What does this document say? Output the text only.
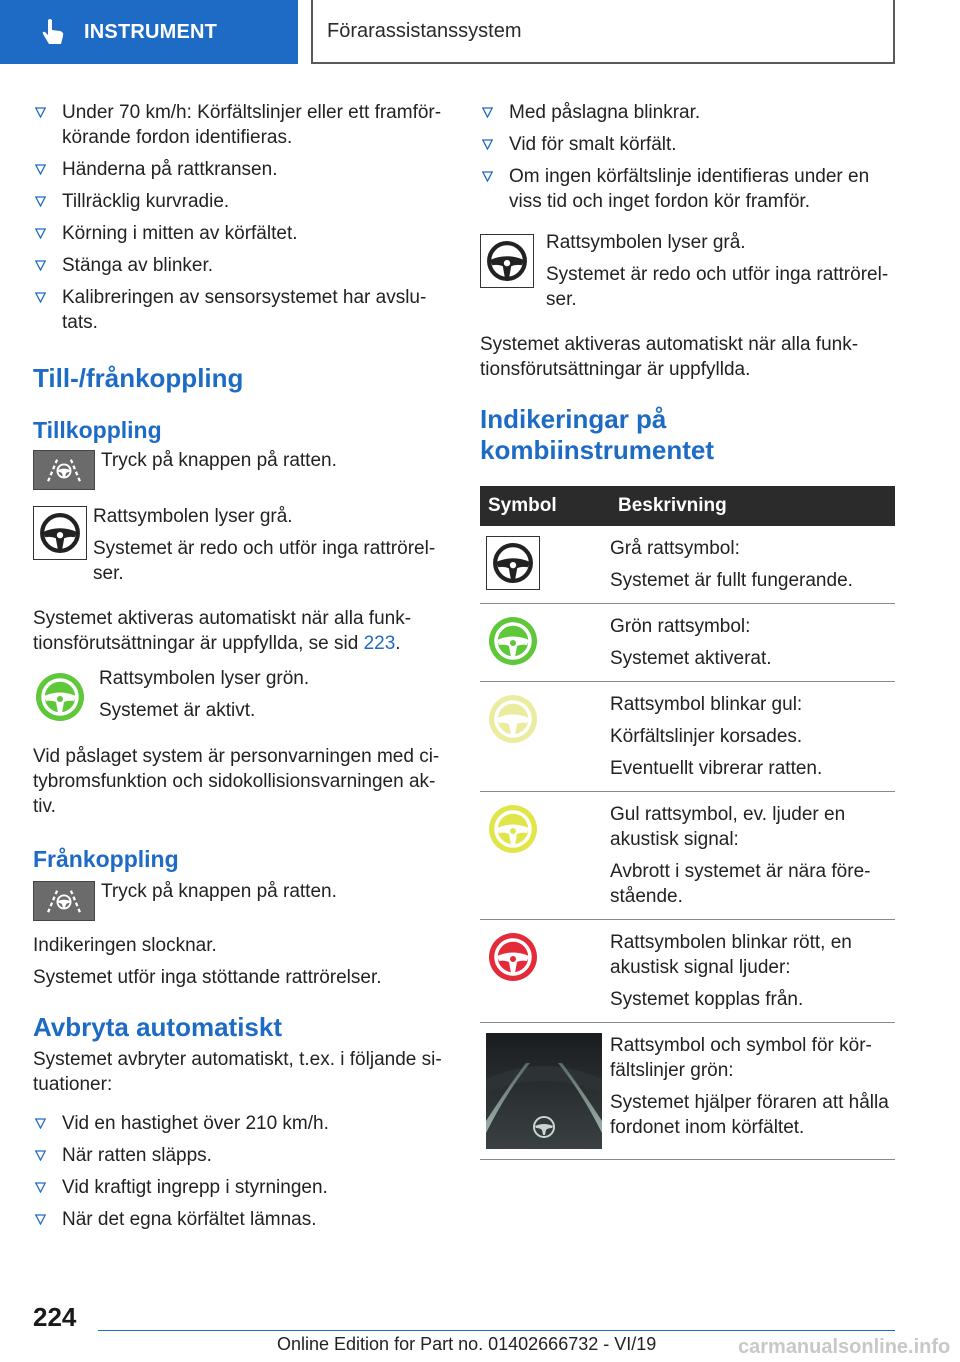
INSTRUMENT	Förarassistanssystem
Under 70 km/h: Körfältslinjer eller ett framförkörande fordon identifieras.
Händerna på rattkransen.
Tillräcklig kurvradie.
Körning i mitten av körfältet.
Stänga av blinker.
Kalibreringen av sensorsystemet har avslutats.
Till-/frånkoppling
Tillkoppling
Tryck på knappen på ratten.
Rattsymbolen lyser grå.
Systemet är redo och utför inga rattrörelser.
Systemet aktiveras automatiskt när alla funktionsförutsättningar är uppfyllda, se sid 223.
Rattsymbolen lyser grön.
Systemet är aktivt.
Vid påslaget system är personvarningen med citybromsfunktion och sidokollisionsvarningen aktiv.
Frånkoppling
Tryck på knappen på ratten.
Indikeringen slocknar.
Systemet utför inga stöttande rattrörelser.
Avbryta automatiskt
Systemet avbryter automatiskt, t.ex. i följande situationer:
Vid en hastighet över 210 km/h.
När ratten släpps.
Vid kraftigt ingrepp i styrningen.
När det egna körfältet lämnas.
Med påslagna blinkrar.
Vid för smalt körfält.
Om ingen körfältslinje identifieras under en viss tid och inget fordon kör framför.
Rattsymbolen lyser grå.
Systemet är redo och utför inga rattrörelser.
Systemet aktiveras automatiskt när alla funktionsförutsättningar är uppfyllda.
Indikeringar på kombiinstrumentet
Symbol	Beskrivning

Grå rattsymbol:
Systemet är fullt fungerande.

Grön rattsymbol:
Systemet aktiverat.

Rattsymbol blinkar gul:
Körfältslinjer korsades.
Eventuellt vibrerar ratten.

Gul rattsymbol, ev. ljuder en akustisk signal:
Avbrott i systemet är nära förestående.

Rattsymbolen blinkar rött, en akustisk signal ljuder:
Systemet kopplas från.

Rattsymbol och symbol för körfältslinjer grön:
Systemet hjälper föraren att hålla fordonet inom körfältet.
224
Online Edition for Part no. 01402666732 - VI/19	carmanualsonline.info
